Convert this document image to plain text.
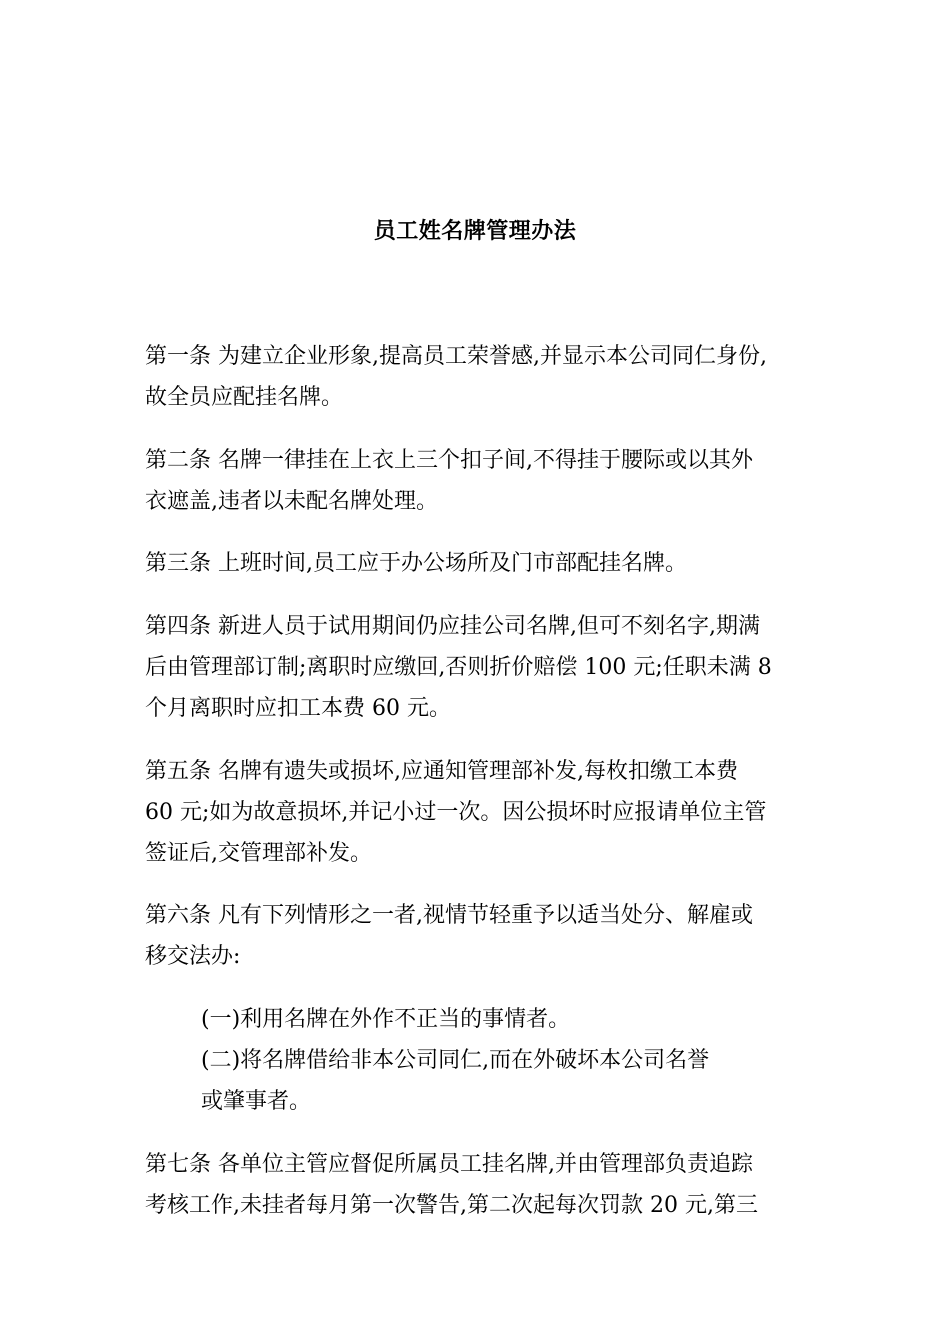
员工姓名牌管理办法
第一条 为建立企业形象,提高员工荣誉感,并显示本公司同仁身份,
故全员应配挂名牌。
第二条 名牌一律挂在上衣上三个扣子间,不得挂于腰际或以其外
衣遮盖,违者以未配名牌处理。
第三条 上班时间,员工应于办公场所及门市部配挂名牌。
第四条 新进人员于试用期间仍应挂公司名牌,但可不刻名字,期满
后由管理部订制;离职时应缴回,否则折价赔偿 100 元;任职未满 8
个月离职时应扣工本费 60 元。
第五条 名牌有遗失或损坏,应通知管理部补发,每枚扣缴工本费
60 元;如为故意损坏,并记小过一次。因公损坏时应报请单位主管
签证后,交管理部补发。
第六条 凡有下列情形之一者,视情节轻重予以适当处分、解雇或
移交法办:
(一)利用名牌在外作不正当的事情者。
(二)将名牌借给非本公司同仁,而在外破坏本公司名誉
或肇事者。
第七条 各单位主管应督促所属员工挂名牌,并由管理部负责追踪
考核工作,未挂者每月第一次警告,第二次起每次罚款 20 元,第三
